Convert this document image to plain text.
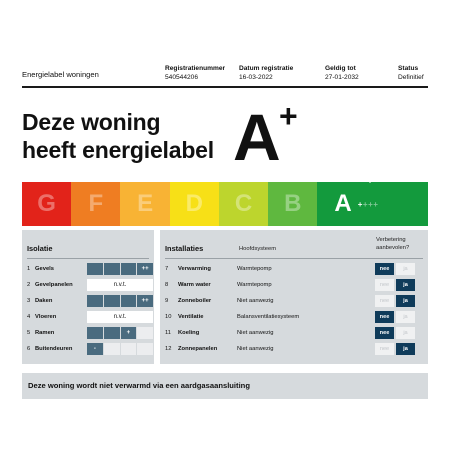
Energielabel woningen
Registratienummer
540544206
Datum registratie
16-03-2022
Geldig tot
27-01-2032
Status
Definitief
Deze woning
heeft energielabel A
+
G F E D C B A ++++
Isolatie
1 Gevels	++
2 Gevelpanelen	n.v.t.
3 Daken	++
4 Vloeren	n.v.t.
5 Ramen	+
6 Buitendeuren	-
Installaties	Hoofdsysteem
Verbetering aanbevolen?
7	Verwarming	Warmtepomp	nee	ja
8	Warm water	Warmtepomp	nee	ja
9	Zonneboiler	Niet aanwezig	nee	ja
10	Ventilatie	Balansventilatiesysteem	nee	ja
11	Koeling	Niet aanwezig	nee	ja
12	Zonnepanelen	Niet aanwezig	nee	ja
Deze woning wordt niet verwarmd via een aardgasaansluiting
